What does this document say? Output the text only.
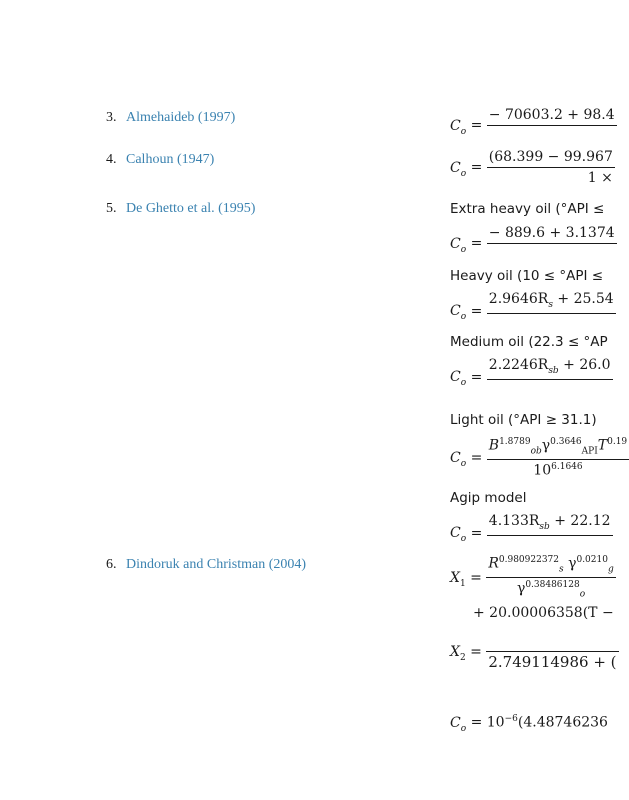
3. Almehaideb (1997)
4. Calhoun (1947)
5. De Ghetto et al. (1995)
6. Dindoruk and Christman (2004)
$C_o$ =
− 70603.2 + 98.4

$C_o = \frac{(68.399 - 99.967}{1 \times}$
Extra heavy oil (°API ≤
$C_o$ =
− 889.6 + 3.1374

Heavy oil (10 ≤ °API ≤
$C_o$ =
$2.9646R_s + 25.54$

Medium oil (22.3 ≤ °AP
$C_o$ =
$2.2246R_{sb} + 26.0$

Light oil (°API ≥ 31.1)
$C_o = \frac{B^{1.8789}_{ob}\gamma^{0.3646}_{API}T^{0.19}}{10^{6.1646}}$
Agip model
$C_o$ =
$4.133R_{sb} + 22.12$

$X_1 = \frac{R^{0.980922372}_s \gamma^{0.0210}_g}{\gamma^{0.38486128}_o}$
+ 20.00006358(T −
$X_2$ =

2.749114986 + (
$C_o = 10^{-6}(4.48746236$
